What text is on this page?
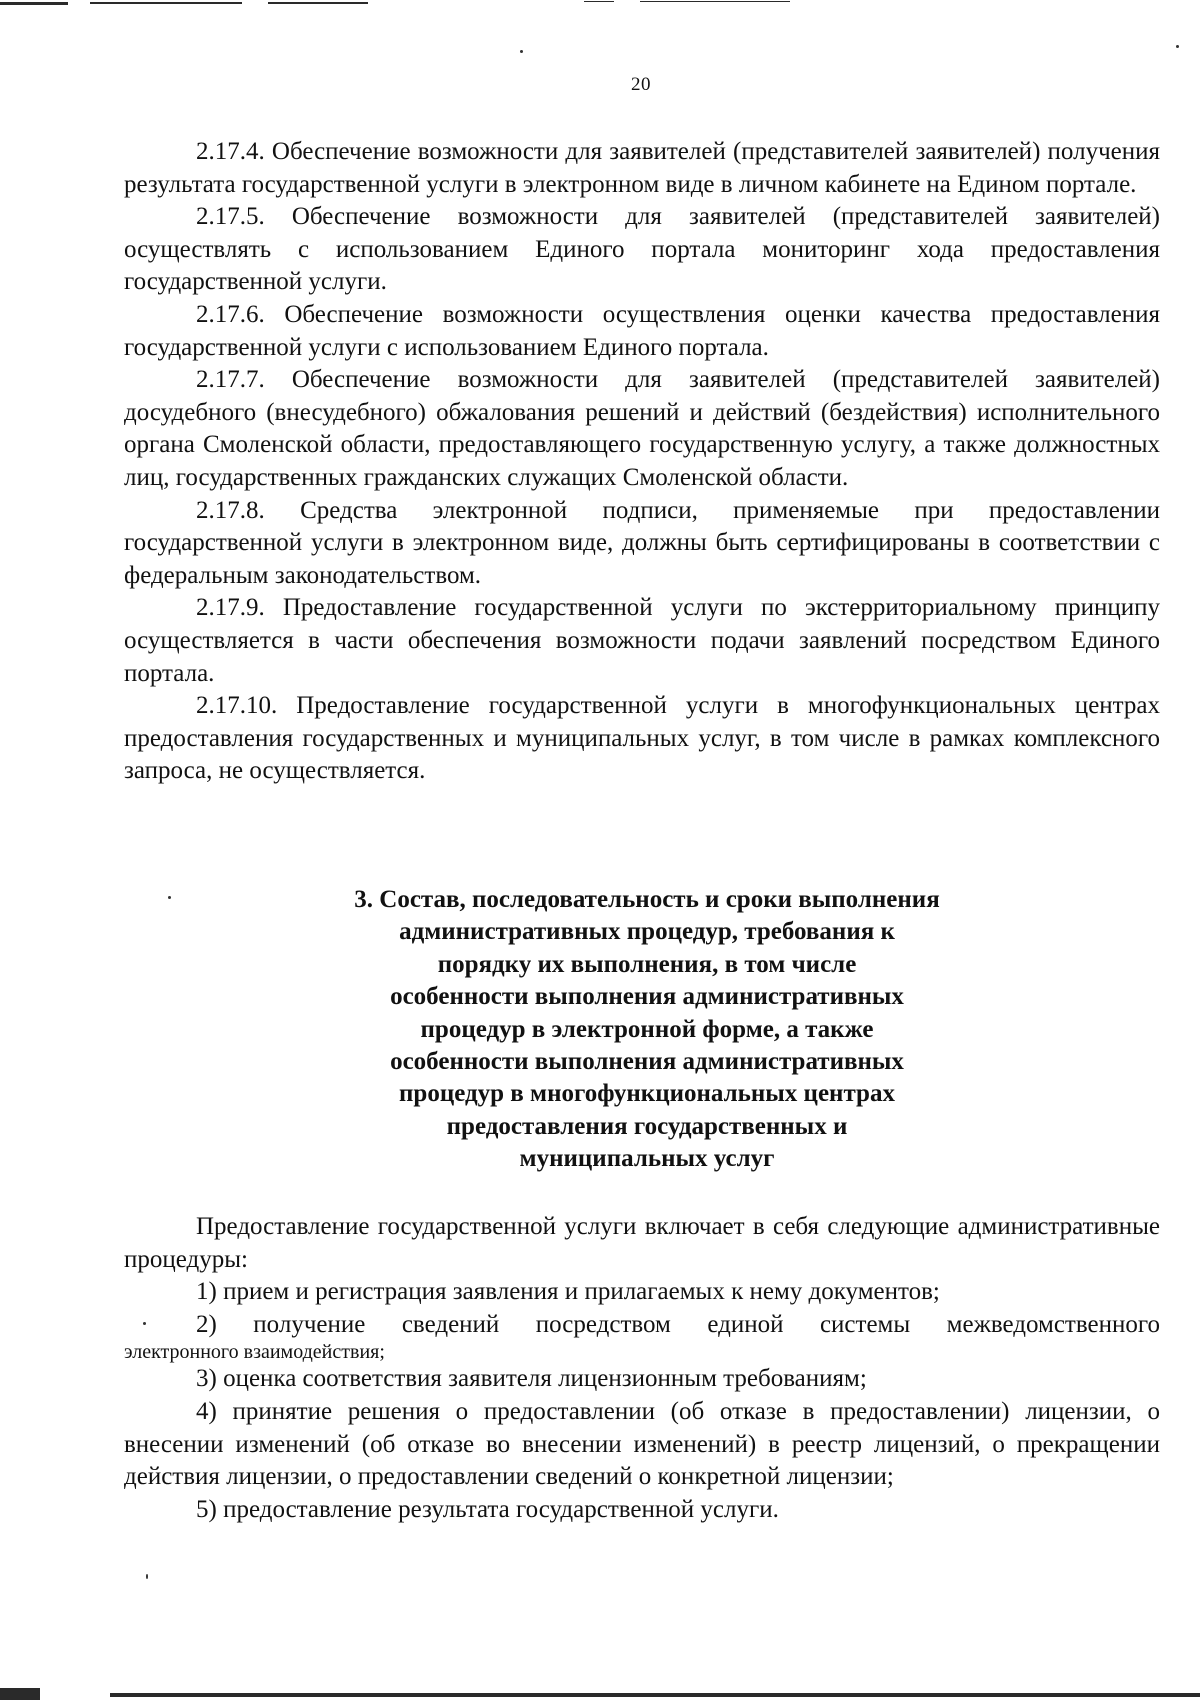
20

2.17.4. Обеспечение возможности для заявителей (представителей заявителей) получения результата государственной услуги в электронном виде в личном кабинете на Едином портале.

2.17.5. Обеспечение возможности для заявителей (представителей заявителей) осуществлять с использованием Единого портала мониторинг хода предоставления государственной услуги.

2.17.6. Обеспечение возможности осуществления оценки качества предоставления государственной услуги с использованием Единого портала.

2.17.7. Обеспечение возможности для заявителей (представителей заявителей) досудебного (внесудебного) обжалования решений и действий (бездействия) исполнительного органа Смоленской области, предоставляющего государственную услугу, а также должностных лиц, государственных гражданских служащих Смоленской области.

2.17.8. Средства электронной подписи, применяемые при предоставлении государственной услуги в электронном виде, должны быть сертифицированы в соответствии с федеральным законодательством.

2.17.9. Предоставление государственной услуги по экстерриториальному принципу осуществляется в части обеспечения возможности подачи заявлений посредством Единого портала.

2.17.10. Предоставление государственной услуги в многофункциональных центрах предоставления государственных и муниципальных услуг, в том числе в рамках комплексного запроса, не осуществляется.

3. Состав, последовательность и сроки выполнения
административных процедур, требования к
порядку их выполнения, в том числе
особенности выполнения административных
процедур в электронной форме, а также
особенности выполнения административных
процедур в многофункциональных центрах
предоставления государственных и
муниципальных услуг

Предоставление государственной услуги включает в себя следующие административные процедуры:

1) прием и регистрация заявления и прилагаемых к нему документов;

2) получение сведений посредством единой системы межведомственного

электронного взаимодействия;

3) оценка соответствия заявителя лицензионным требованиям;

4) принятие решения о предоставлении (об отказе в предоставлении) лицензии, о внесении изменений (об отказе во внесении изменений) в реестр лицензий, о прекращении действия лицензии, о предоставлении сведений о конкретной лицензии;

5) предоставление результата государственной услуги.
